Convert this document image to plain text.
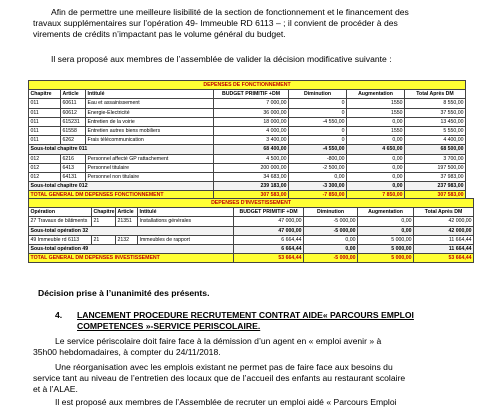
Afin de permettre une meilleure lisibilité de la section de fonctionnement et le financement des

travaux supplémentaires sur l’opération 49- Immeuble RD 6113 – ; il convient de procéder à des

virements de crédits n’impactant pas le volume général du budget.

Il sera proposé aux membres de l’assemblée de valider la décision modificative suivante :
DEPENSES DE FONCTIONNEMENT						
Chapitre	Article	Intitulé	BUDGET PRIMITIF +DM	Diminution	Augmentation	Total Après DM
011	60611	Eau et assainissement	7 000,00	0	1550	8 550,00
011	60612	Energie-Electricité	36 000,00	0	1550	37 550,00
011	615231	Entretien de la voirie	18 000,00	-4 550,00	0,00	13 450,00
011	61558	Entretien autres biens mobiliers	4 000,00	0	1550	5 550,00
011	6262	Frais télécommunication	3 400,00	0	0,00	4 400,00
Sous-total chapitre 011			68 400,00	-4 550,00	4 650,00	68 500,00
012	6216	Personnel affecté GP rattachement	4 500,00	-800,00	0,00	3 700,00
012	6413	Personnel titulaire	200 000,00	-2 500,00	0,00	197 500,00
012	64131	Personnel non titulaire	34 683,00	0,00	0,00	37 983,00
Sous-total chapitre 012			239 183,00	-3 300,00	0,00	237 983,00
TOTAL GENERAL DM DEPENSES FONCTIONNEMENT			307 583,00	-7 850,00	7 850,00	307 583,00
DEPENSES D'INVESTISSEMENT							
Opération	Chapitre	Article	Intitulé	BUDGET PRIMITIF +DM	Diminution	Augmentation	Total Après DM
27 Travaux de bâtiments	21	21351	Installations générales	47 000,00	-5 000,00	0,00	42 000,00
Sous-total opération 32				47 000,00	-5 000,00	0,00	42 000,00
49 Immeuble rd 6113	21	2132	Immeubles de rapport	6 664,44	0,00	5 000,00	11 664,44
Sous-total opération 49				6 664,44	0,00	5 000,00	11 664,44
TOTAL GENERAL DM DEPENSES INVESTISSEMENT				53 664,44	-5 000,00	5 000,00	53 664,44
Décision prise à l’unanimité des présents.
4. LANCEMENT PROCEDURE RECRUTEMENT CONTRAT AIDE« PARCOURS EMPLOI
COMPETENCES »-SERVICE PERISCOLAIRE.

Le service périscolaire doit faire face à la démission d’un agent en « emploi avenir » à

35h00 hebdomadaires, à compter du 24/11/2018.

Une réorganisation avec les emplois existant ne permet pas de faire face aux besoins du

service tant au niveau de l’entretien des locaux que de l’accueil des enfants au restaurant scolaire

et à l’ALAE.

Il est proposé aux membres de l’Assemblée de recruter un emploi aidé « Parcours Emploi
